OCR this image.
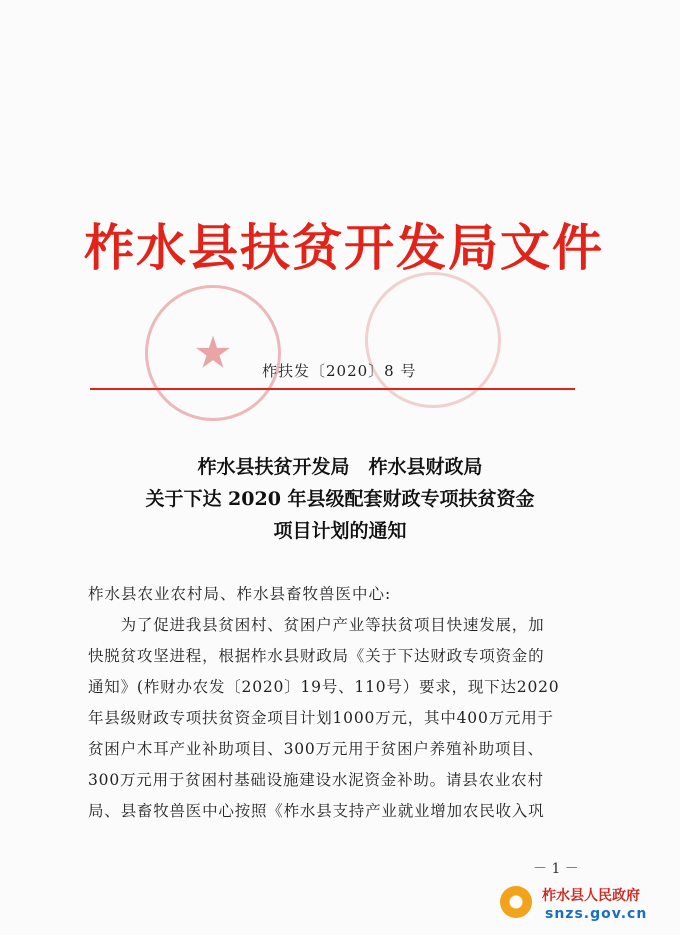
★
柞水县扶贫开发局文件
柞扶发〔2020〕8 号
柞水县扶贫开发局　柞水县财政局
关于下达 2020 年县级配套财政专项扶贫资金
项目计划的通知
柞水县农业农村局、柞水县畜牧兽医中心:
　　为了促进我县贫困村、贫困户产业等扶贫项目快速发展，加
快脱贫攻坚进程，根据柞水县财政局《关于下达财政专项资金的
通知》(柞财办农发〔2020〕19号、110号）要求，现下达2020
年县级财政专项扶贫资金项目计划1000万元，其中400万元用于
贫困户木耳产业补助项目、300万元用于贫困户养殖补助项目、
300万元用于贫困村基础设施建设水泥资金补助。请县农业农村
局、县畜牧兽医中心按照《柞水县支持产业就业增加农民收入巩
－ 1 －
柞水县人民政府
snzs.gov.cn
